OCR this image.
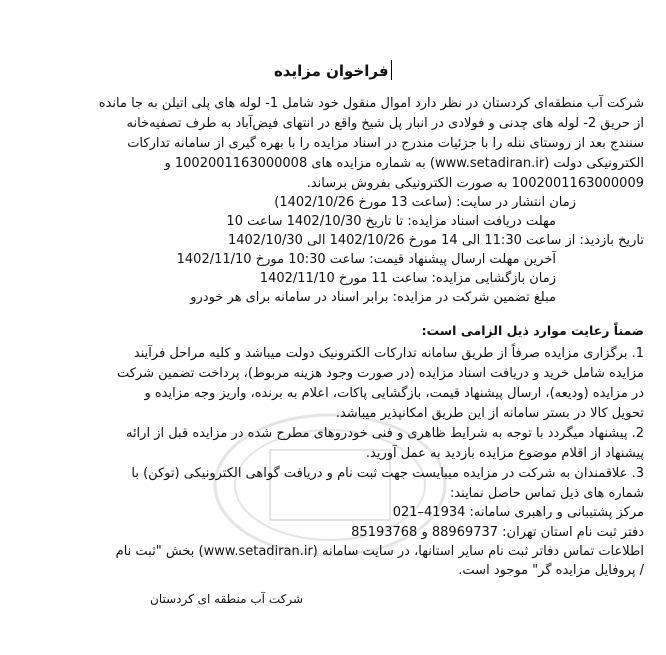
فراخوان مزایده
شرکت آب منطقه‌ای کردستان در نظر دارد اموال منقول خود شامل 1- لوله های پلی اتیلن به جا مانده
از حریق 2- لوله های چدنی و فولادی در انبار پل شیخ واقع در انتهای فیض‌آباد به طرف تصفیه‌خانه
سنندج بعد از روستای ننله را با جزئیات مندرج در اسناد مزایده را با بهره گیری از سامانه تدارکات
الکترونیکی دولت (www.setadiran.ir) به شماره مزایده های 1002001163000008 و
1002001163000009 به صورت الکترونیکی بفروش برساند.
زمان انتشار در سایت: (ساعت 13 مورخ 1402/10/26)
مهلت دریافت اسناد مزایده: تا تاریخ 1402/10/30 ساعت 10
تاریخ بازدید: از ساعت 11:30 الی 14 مورخ 1402/10/26 الی 1402/10/30
آخرین مهلت ارسال پیشنهاد قیمت: ساعت 10:30 مورخ 1402/11/10
زمان بازگشایی مزایده: ساعت 11 مورخ 1402/11/10
مبلغ تضمین شرکت در مزایده: برابر اسناد در سامانه برای هر خودرو
ضمناً رعایت موارد ذیل الزامی است:
1. برگزاری مزایده صرفاً از طریق سامانه تدارکات الکترونیک دولت میباشد و کلیه مراحل فرآیند
مزایده شامل خرید و دریافت اسناد مزایده (در صورت وجود هزینه مربوط)، پرداخت تضمین شرکت
در مزایده (ودیعه)، ارسال پیشنهاد قیمت، بازگشایی پاکات، اعلام به برنده، واریز وجه مزایده و
تحویل کالا در بستر سامانه از این طریق امکانپذیر میباشد.
2. پیشنهاد میگردد با توجه به شرایط ظاهری و فنی خودروهای مطرح شده در مزایده قبل از ارائه
پیشنهاد از اقلام موضوع مزایده بازدید به عمل آورید.
3. علاقمندان به شرکت در مزایده میبایست جهت ثبت نام و دریافت گواهی الکترونیکی (توکن) با
شماره های ذیل تماس حاصل نمایند:
مرکز پشتیبانی و راهبری سامانه: 41934–021
دفتر ثبت نام استان تهران: 88969737 و 85193768
اطلاعات تماس دفاتر ثبت نام سایر استانها، در سایت سامانه (www.setadiran.ir) بخش "ثبت نام
/ پروفایل مزایده گر" موجود است.
شرکت آب منطقه ای کردستان
